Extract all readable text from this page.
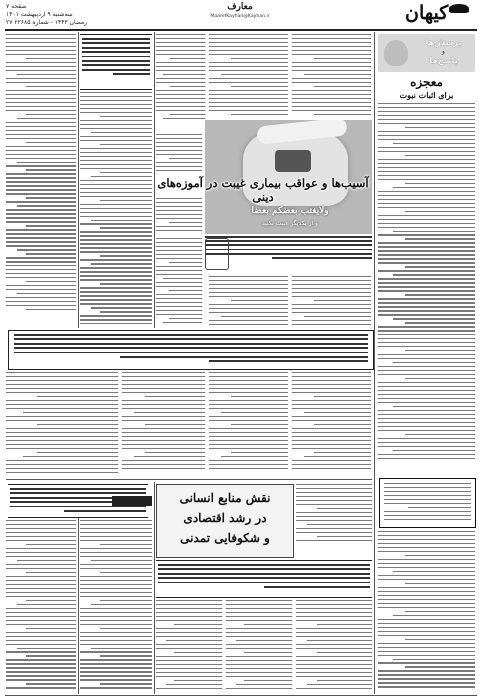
صفحه ۷
سه‌شنبه ۹ اردیبهشت ۱۴۰۱
۲۷ رمضان ۱۴۴۳ - شماره ۲۲۶۸۵
معارف
MaarefKayhan@Kayhan.ir	کیهان
پرسش‌ها
و
پاسخ‌ها
معجزه
برای اثبات نبوت
ولایغتب بعضکم بعضا
و از یکدیگر غیبت نکنید
آسیب‌ها و عواقب بیماری غیبت در آموزه‌های دینی
نقش منابع انسانی
در رشد اقتصادی
و شکوفایی تمدنی
